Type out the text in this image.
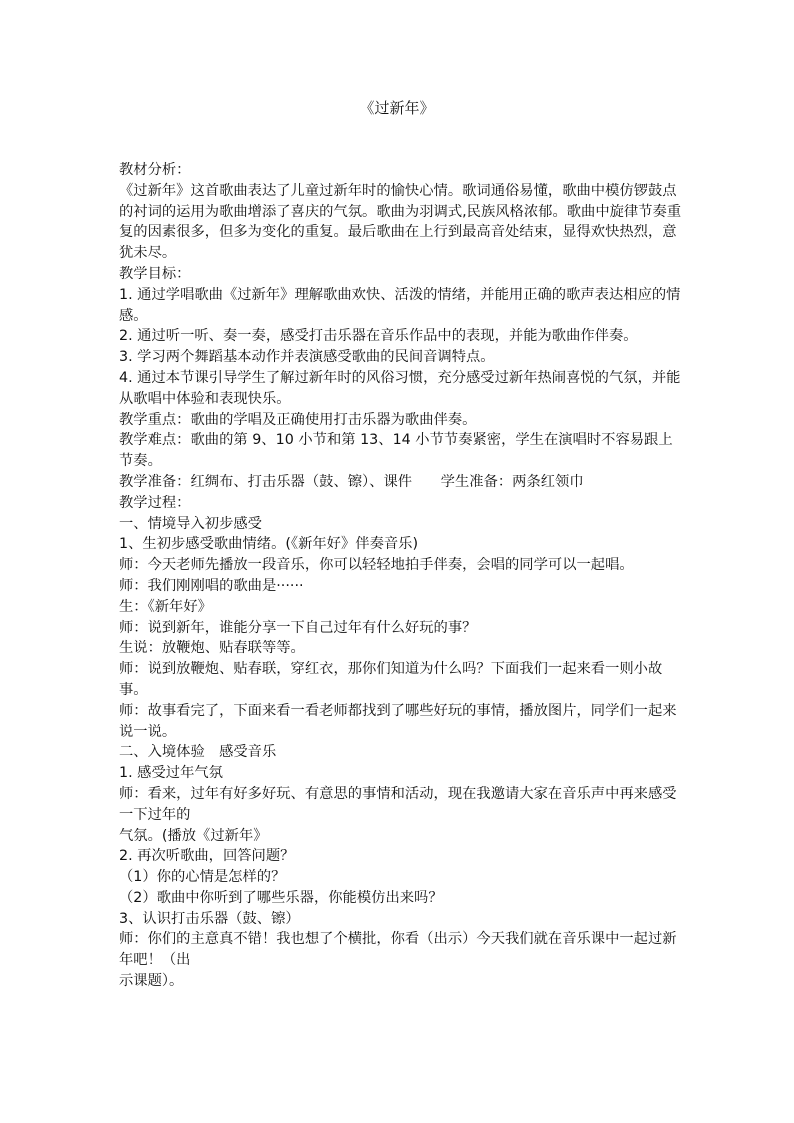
《过新年》

教材分析：

《过新年》这首歌曲表达了儿童过新年时的愉快心情。歌词通俗易懂，歌曲中模仿锣鼓点的衬词的运用为歌曲增添了喜庆的气氛。歌曲为羽调式,民族风格浓郁。歌曲中旋律节奏重复的因素很多，但多为变化的重复。最后歌曲在上行到最高音处结束，显得欢快热烈，意犹未尽。

教学目标：

1. 通过学唱歌曲《过新年》理解歌曲欢快、活泼的情绪，并能用正确的歌声表达相应的情感。

2. 通过听一听、奏一奏，感受打击乐器在音乐作品中的表现，并能为歌曲作伴奏。

3. 学习两个舞蹈基本动作并表演感受歌曲的民间音调特点。

4. 通过本节课引导学生了解过新年时的风俗习惯，充分感受过新年热闹喜悦的气氛，并能从歌唱中体验和表现快乐。

教学重点：歌曲的学唱及正确使用打击乐器为歌曲伴奏。

教学难点：歌曲的第 9、10 小节和第 13、14 小节节奏紧密，学生在演唱时不容易跟上节奏。

教学准备：红绸布、打击乐器（鼓、镲）、课件　　学生准备：两条红领巾

教学过程：

一、情境导入初步感受

1、生初步感受歌曲情绪。(《新年好》伴奏音乐)

师：今天老师先播放一段音乐，你可以轻轻地拍手伴奏，会唱的同学可以一起唱。

师：我们刚刚唱的歌曲是······

生：《新年好》

师：说到新年，谁能分享一下自己过年有什么好玩的事？

生说：放鞭炮、贴春联等等。

师：说到放鞭炮、贴春联，穿红衣，那你们知道为什么吗？下面我们一起来看一则小故事。

师：故事看完了，下面来看一看老师都找到了哪些好玩的事情，播放图片，同学们一起来说一说。

二、入境体验　感受音乐

1. 感受过年气氛

师：看来，过年有好多好玩、有意思的事情和活动，现在我邀请大家在音乐声中再来感受一下过年的

气氛。(播放《过新年》

2. 再次听歌曲，回答问题？

（1）你的心情是怎样的？

（2）歌曲中你听到了哪些乐器，你能模仿出来吗？

3、认识打击乐器（鼓、镲）

师：你们的主意真不错！我也想了个横批，你看（出示）今天我们就在音乐课中一起过新年吧！（出

示课题）。
